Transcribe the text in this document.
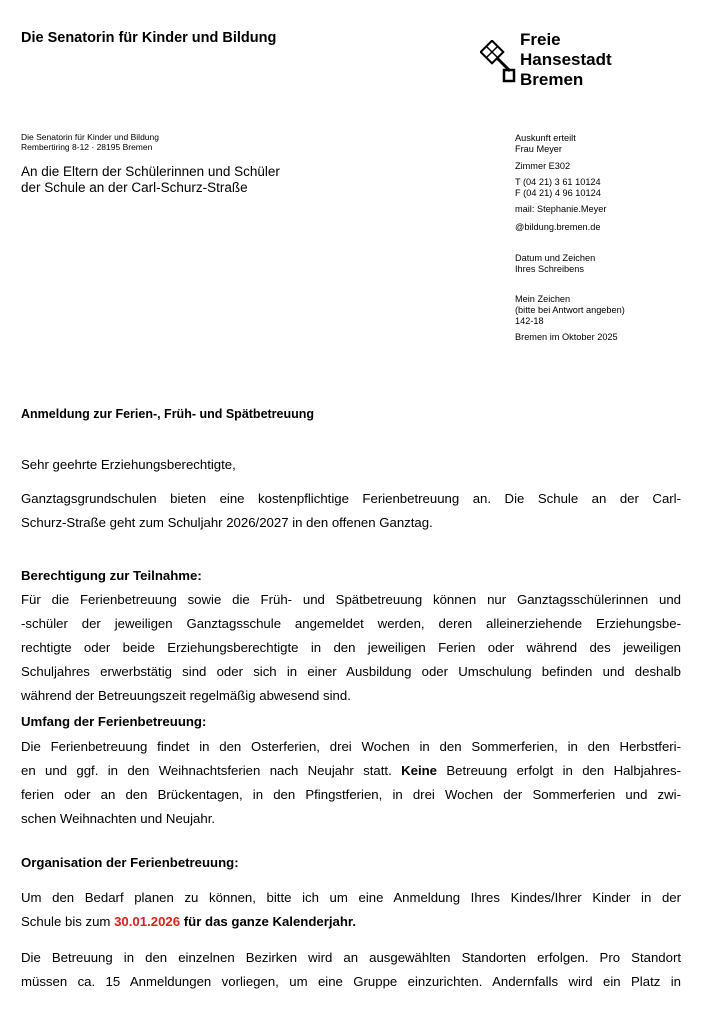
Die Senatorin für Kinder und Bildung	Freie
Hansestadt
Bremen
Die Senatorin für Kinder und Bildung
Rembertiring 8-12 · 28195 Bremen
An die Eltern der Schülerinnen und Schüler
der Schule an der Carl-Schurz-Straße
Auskunft erteilt
Frau Meyer
Zimmer E302
T (04 21) 3 61 10124
F (04 21) 4 96 10124
mail: Stephanie.Meyer
@bildung.bremen.de
Datum und Zeichen
Ihres Schreibens
Mein Zeichen
(bitte bei Antwort angeben)
142-18
Bremen im Oktober 2025
Anmeldung zur Ferien-, Früh- und Spätbetreuung
Sehr geehrte Erziehungsberechtigte,
Ganztagsgrundschulen bieten eine kostenpflichtige Ferienbetreuung an. Die Schule an der Carl-
Schurz-Straße geht zum Schuljahr 2026/2027 in den offenen Ganztag.
Berechtigung zur Teilnahme:
Für die Ferienbetreuung sowie die Früh- und Spätbetreuung können nur Ganztagsschülerinnen und
-schüler der jeweiligen Ganztagsschule angemeldet werden, deren alleinerziehende Erziehungsbe-
rechtigte oder beide Erziehungsberechtigte in den jeweiligen Ferien oder während des jeweiligen
Schuljahres erwerbstätig sind oder sich in einer Ausbildung oder Umschulung befinden und deshalb
während der Betreuungszeit regelmäßig abwesend sind.
Umfang der Ferienbetreuung:
Die Ferienbetreuung findet in den Osterferien, drei Wochen in den Sommerferien, in den Herbstferi-
en und ggf. in den Weihnachtsferien nach Neujahr statt. Keine Betreuung erfolgt in den Halbjahres-
ferien oder an den Brückentagen, in den Pfingstferien, in drei Wochen der Sommerferien und zwi-
schen Weihnachten und Neujahr.
Organisation der Ferienbetreuung:
Um den Bedarf planen zu können, bitte ich um eine Anmeldung Ihres Kindes/Ihrer Kinder in der
Schule bis zum 30.01.2026 für das ganze Kalenderjahr.
Die Betreuung in den einzelnen Bezirken wird an ausgewählten Standorten erfolgen. Pro Standort
müssen ca. 15 Anmeldungen vorliegen, um eine Gruppe einzurichten. Andernfalls wird ein Platz in
